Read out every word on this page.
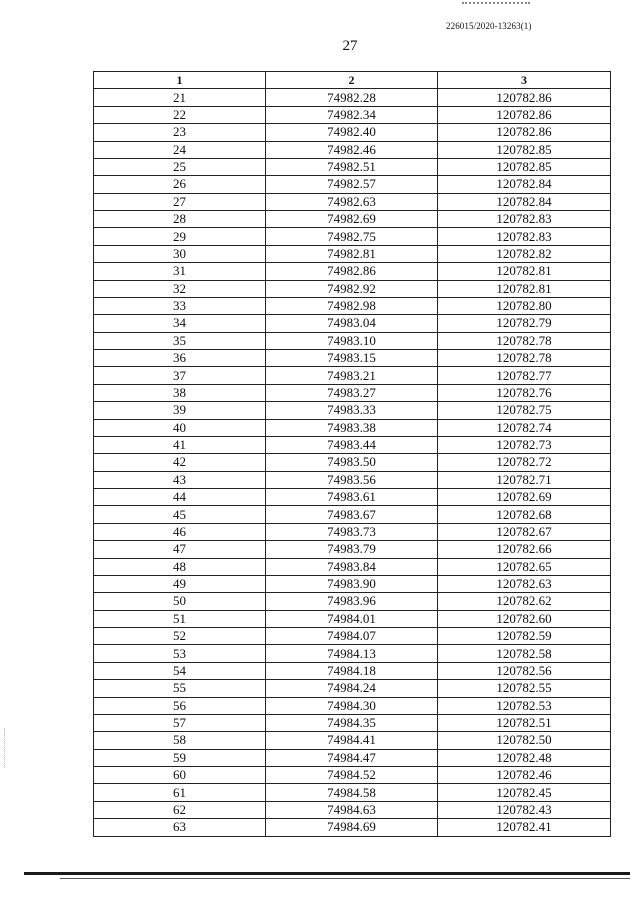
226015/2020-13263(1)
27
1	2	3
21	74982.28	120782.86
22	74982.34	120782.86
23	74982.40	120782.86
24	74982.46	120782.85
25	74982.51	120782.85
26	74982.57	120782.84
27	74982.63	120782.84
28	74982.69	120782.83
29	74982.75	120782.83
30	74982.81	120782.82
31	74982.86	120782.81
32	74982.92	120782.81
33	74982.98	120782.80
34	74983.04	120782.79
35	74983.10	120782.78
36	74983.15	120782.78
37	74983.21	120782.77
38	74983.27	120782.76
39	74983.33	120782.75
40	74983.38	120782.74
41	74983.44	120782.73
42	74983.50	120782.72
43	74983.56	120782.71
44	74983.61	120782.69
45	74983.67	120782.68
46	74983.73	120782.67
47	74983.79	120782.66
48	74983.84	120782.65
49	74983.90	120782.63
50	74983.96	120782.62
51	74984.01	120782.60
52	74984.07	120782.59
53	74984.13	120782.58
54	74984.18	120782.56
55	74984.24	120782.55
56	74984.30	120782.53
57	74984.35	120782.51
58	74984.41	120782.50
59	74984.47	120782.48
60	74984.52	120782.46
61	74984.58	120782.45
62	74984.63	120782.43
63	74984.69	120782.41
